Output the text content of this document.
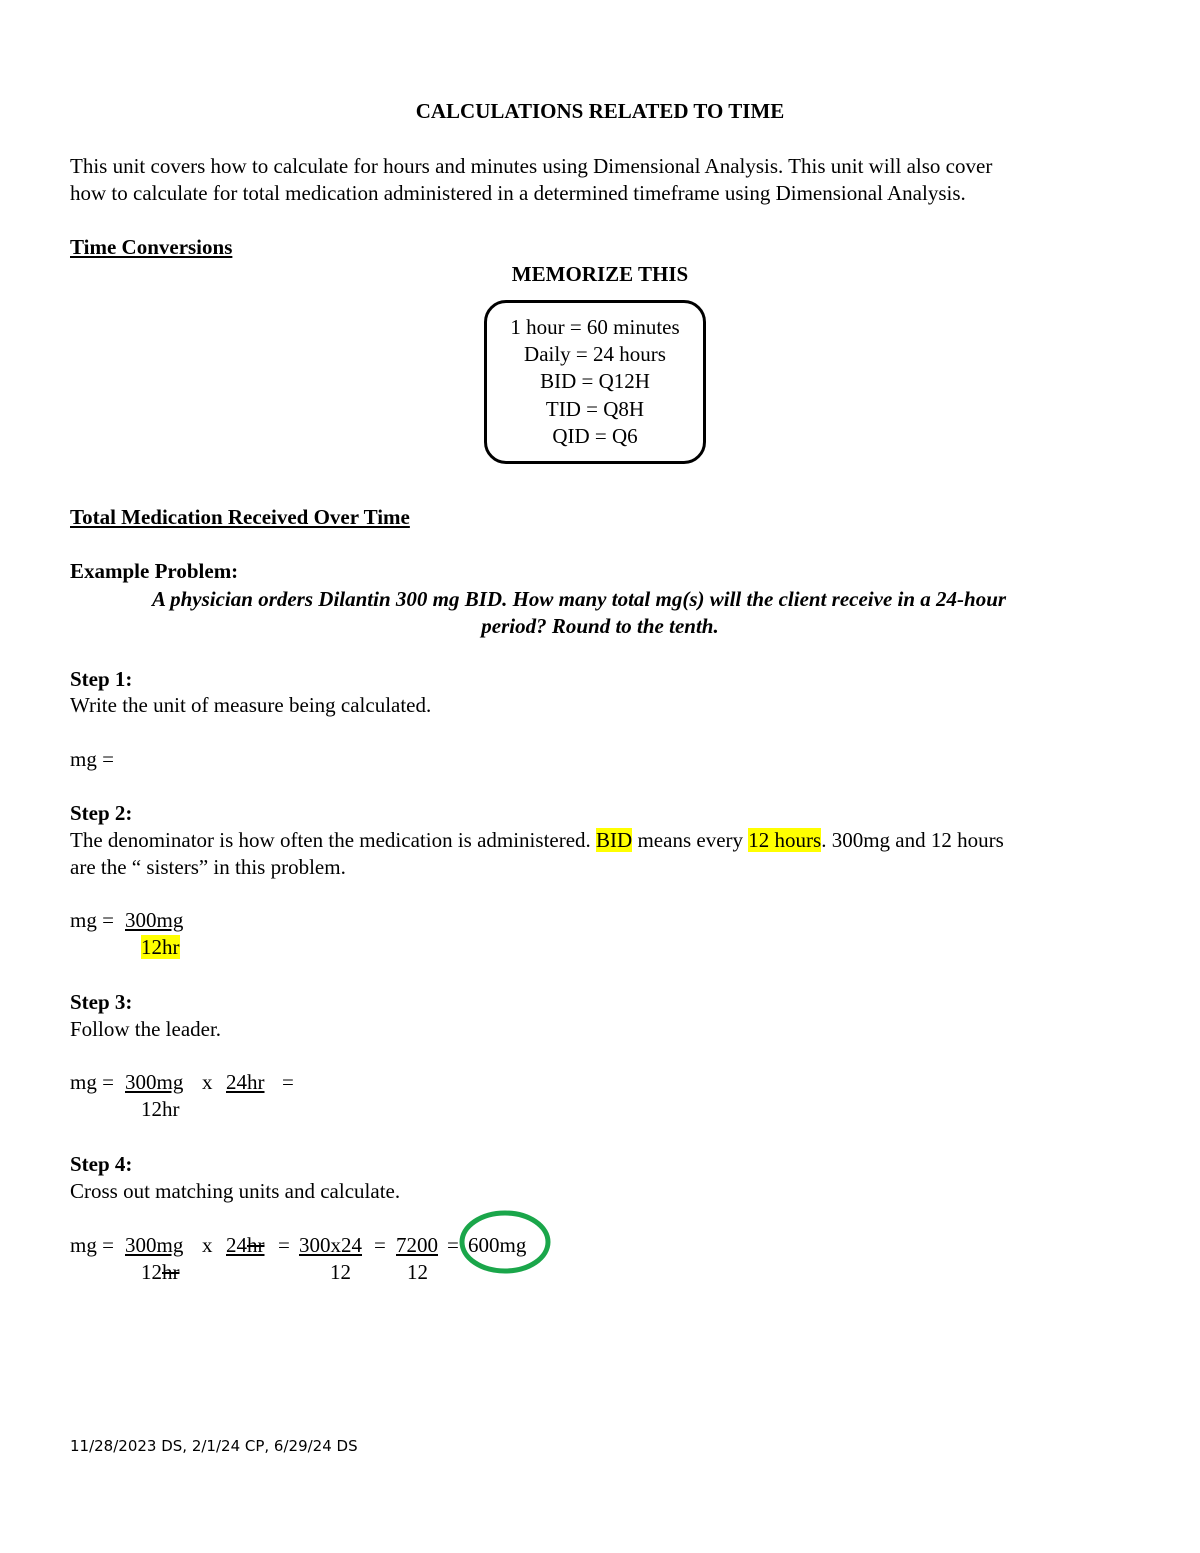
CALCULATIONS RELATED TO TIME
This unit covers how to calculate for hours and minutes using Dimensional Analysis. This unit will also cover
how to calculate for total medication administered in a determined timeframe using Dimensional Analysis.
Time Conversions
MEMORIZE THIS
1 hour = 60 minutes
Daily = 24 hours
BID = Q12H
TID = Q8H
QID = Q6
Total Medication Received Over Time
Example Problem:
A physician orders Dilantin 300 mg BID. How many total mg(s) will the client receive in a 24-hour
period? Round to the tenth.
Step 1:
Write the unit of measure being calculated.
mg =
Step 2:
The denominator is how often the medication is administered. BID means every 12 hours. 300mg and 12 hours
are the “ sisters” in this problem.
mg = 300mg
12hr
Step 3:
Follow the leader.
mg = 300mg x 24hr =
12hr
Step 4:
Cross out matching units and calculate.
mg = 300mg x 24hr = 300x24 = 7200 = 600mg
12hr	12	12
11/28/2023 DS, 2/1/24 CP, 6/29/24 DS
